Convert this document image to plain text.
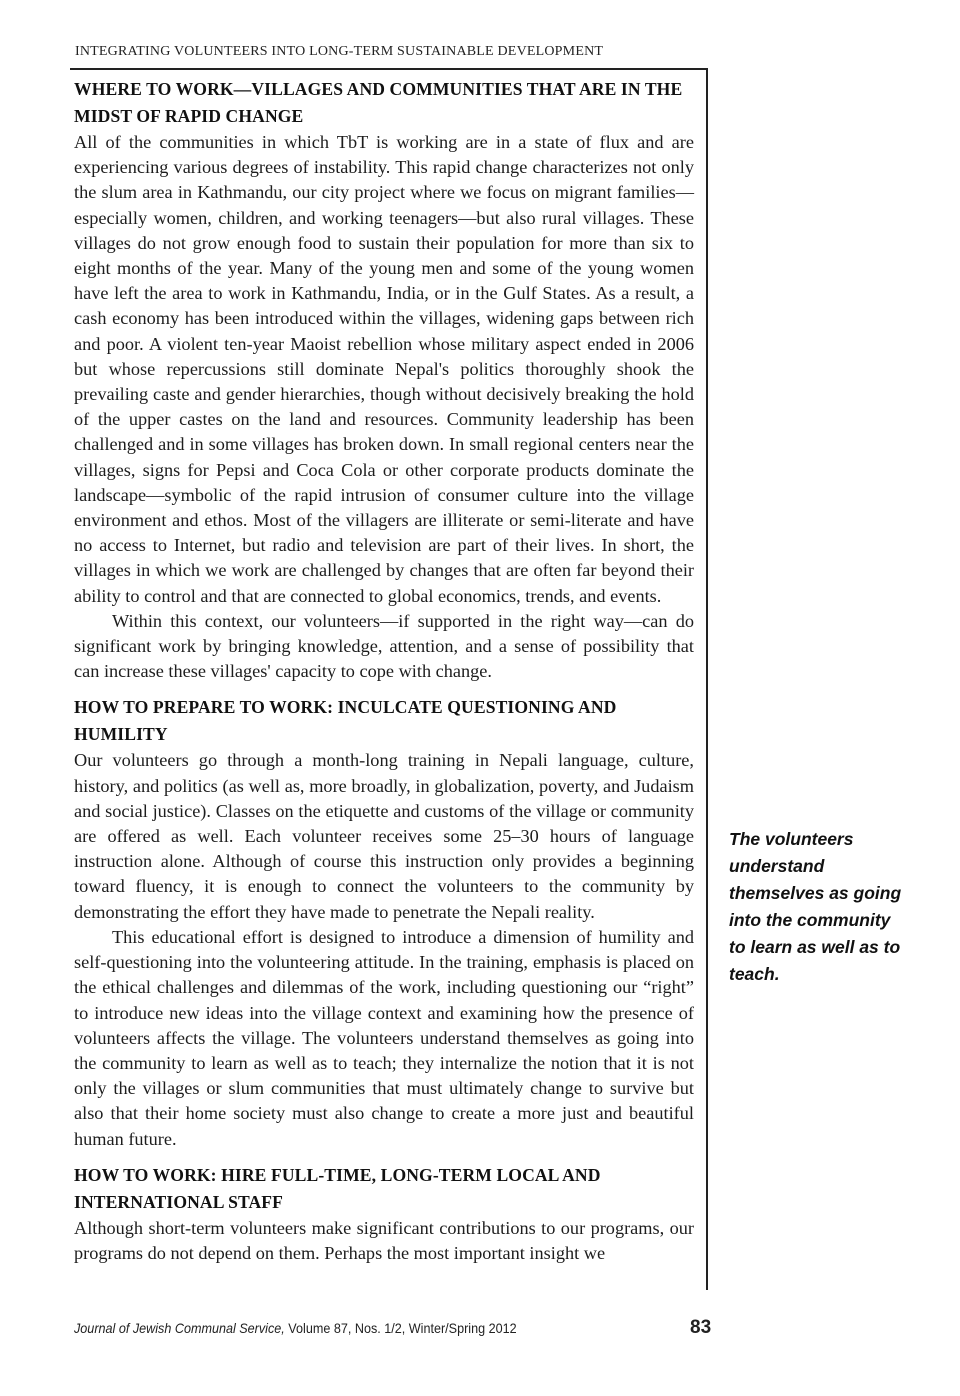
INTEGRATING VOLUNTEERS INTO LONG-TERM SUSTAINABLE DEVELOPMENT
WHERE TO WORK—VILLAGES AND COMMUNITIES THAT ARE IN THE MIDST OF RAPID CHANGE

All of the communities in which TbT is working are in a state of flux and are experiencing various degrees of instability. This rapid change characterizes not only the slum area in Kathmandu, our city project where we focus on migrant families—especially women, children, and working teenagers—but also rural villages. These villages do not grow enough food to sustain their population for more than six to eight months of the year. Many of the young men and some of the young women have left the area to work in Kathmandu, India, or in the Gulf States. As a result, a cash economy has been introduced within the villages, widening gaps between rich and poor. A violent ten-year Maoist rebellion whose military aspect ended in 2006 but whose repercussions still dominate Nepal's politics thoroughly shook the prevailing caste and gender hierarchies, though without decisively breaking the hold of the upper castes on the land and resources. Community leadership has been challenged and in some villages has broken down. In small regional centers near the villages, signs for Pepsi and Coca Cola or other corporate products dominate the landscape—symbolic of the rapid intrusion of consumer culture into the village environment and ethos. Most of the villagers are illiterate or semi-literate and have no access to Internet, but radio and television are part of their lives. In short, the villages in which we work are challenged by changes that are often far beyond their ability to control and that are connected to global economics, trends, and events.

Within this context, our volunteers—if supported in the right way—can do significant work by bringing knowledge, attention, and a sense of possibility that can increase these villages' capacity to cope with change.

HOW TO PREPARE TO WORK: INCULCATE QUESTIONING AND HUMILITY

Our volunteers go through a month-long training in Nepali language, culture, history, and politics (as well as, more broadly, in globalization, poverty, and Judaism and social justice). Classes on the etiquette and customs of the village or community are offered as well. Each volunteer receives some 25–30 hours of language instruction alone. Although of course this instruction only provides a beginning toward fluency, it is enough to connect the volunteers to the community by demonstrating the effort they have made to penetrate the Nepali reality.

This educational effort is designed to introduce a dimension of humility and self-questioning into the volunteering attitude. In the training, emphasis is placed on the ethical challenges and dilemmas of the work, including questioning our “right” to introduce new ideas into the village context and examining how the presence of volunteers affects the village. The volunteers understand themselves as going into the community to learn as well as to teach; they internalize the notion that it is not only the villages or slum communities that must ultimately change to survive but also that their home society must also change to create a more just and beautiful human future.

HOW TO WORK: HIRE FULL-TIME, LONG-TERM LOCAL AND INTERNATIONAL STAFF

Although short-term volunteers make significant contributions to our programs, our programs do not depend on them. Perhaps the most important insight we

The volunteers understand themselves as going into the community to learn as well as to teach.
Journal of Jewish Communal Service, Volume 87, Nos. 1/2, Winter/Spring 2012	83
